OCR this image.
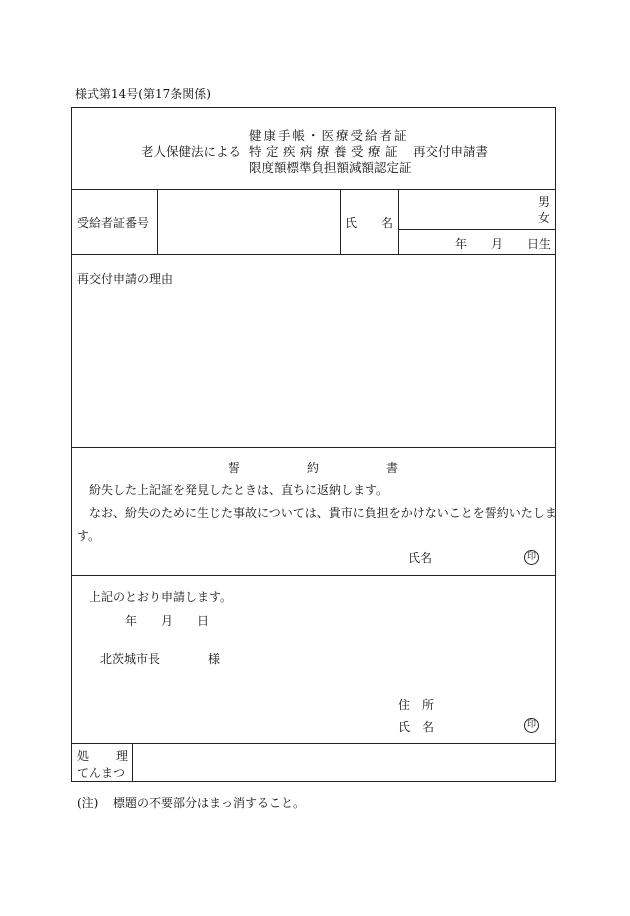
様式第14号(第17条関係)
健康手帳・医療受給者証
老人保健法による 特定疾病療養受療証 再交付申請書
限度額標準負担額減額認定証
受給者証番号	氏 名
男
女
年 月 日生
再交付申請の理由
誓	約	書
紛失した上記証を発見したときは、直ちに返納します。
なお、紛失のために生じた事故については、貴市に負担をかけないことを誓約いたしま
す。
氏名	印
上記のとおり申請します。
年 月 日
北茨城市長	様
住 所
氏 名	印
処 理
てんまつ
(注) 標題の不要部分はまっ消すること。
